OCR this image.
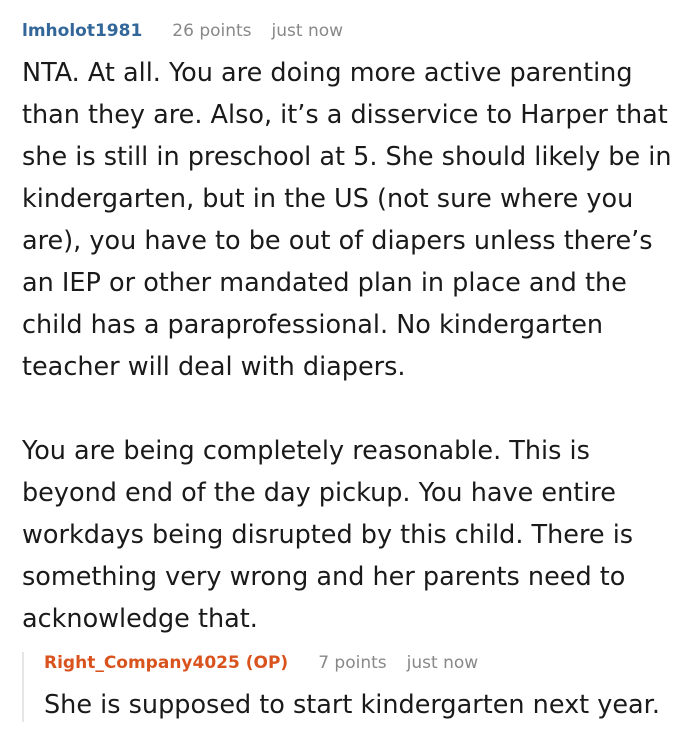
lmholot1981 26 points just now

NTA. At all. You are doing more active parenting than they are. Also, it’s a disservice to Harper that she is still in preschool at 5. She should likely be in kindergarten, but in the US (not sure where you are), you have to be out of diapers unless there’s an IEP or other mandated plan in place and the child has a paraprofessional. No kindergarten teacher will deal with diapers.

You are being completely reasonable. This is beyond end of the day pickup. You have entire workdays being disrupted by this child. There is something very wrong and her parents need to acknowledge that.

Right_Company4025 (OP) 7 points just now

She is supposed to start kindergarten next year.
